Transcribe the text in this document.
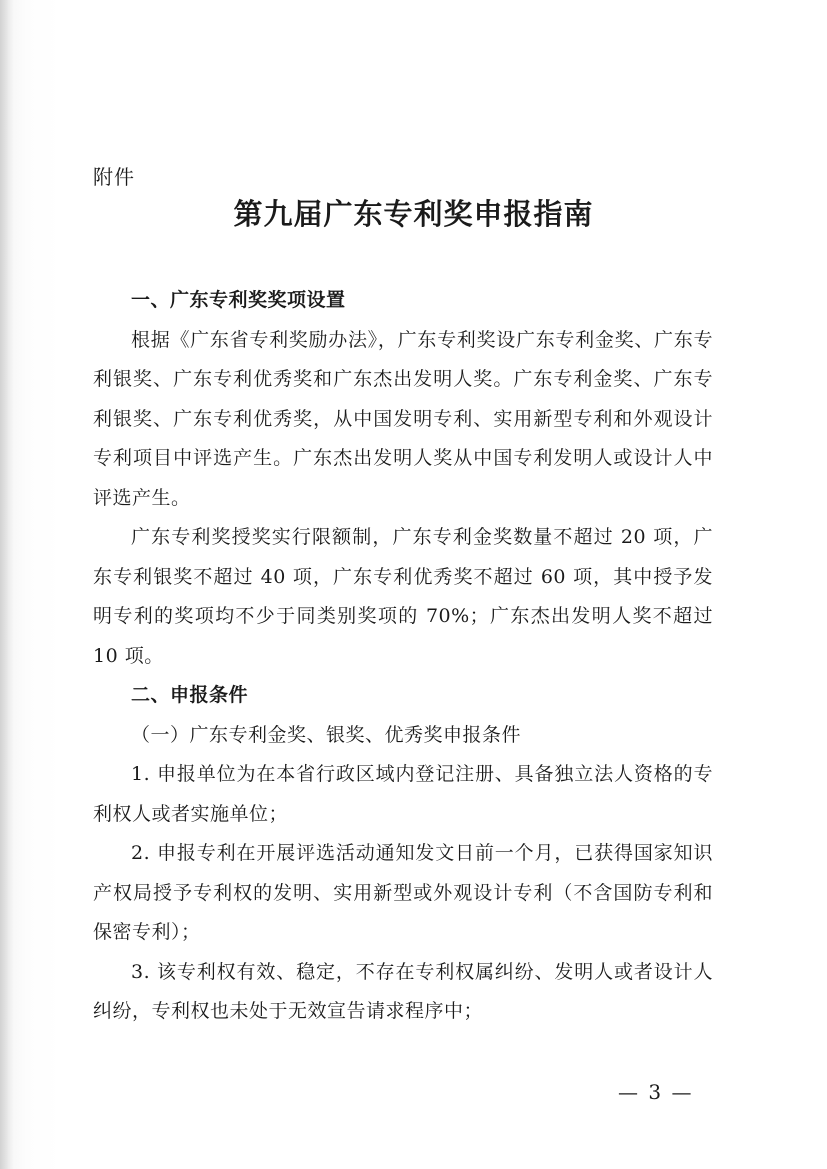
附件
第九届广东专利奖申报指南
一、广东专利奖奖项设置

根据《广东省专利奖励办法》，广东专利奖设广东专利金奖、广东专利银奖、广东专利优秀奖和广东杰出发明人奖。广东专利金奖、广东专利银奖、广东专利优秀奖，从中国发明专利、实用新型专利和外观设计专利项目中评选产生。广东杰出发明人奖从中国专利发明人或设计人中评选产生。

广东专利奖授奖实行限额制，广东专利金奖数量不超过 20 项，广东专利银奖不超过 40 项，广东专利优秀奖不超过 60 项，其中授予发明专利的奖项均不少于同类别奖项的 70%；广东杰出发明人奖不超过 10 项。

二、申报条件

（一）广东专利金奖、银奖、优秀奖申报条件

1. 申报单位为在本省行政区域内登记注册、具备独立法人资格的专利权人或者实施单位；

2. 申报专利在开展评选活动通知发文日前一个月，已获得国家知识产权局授予专利权的发明、实用新型或外观设计专利（不含国防专利和保密专利）；

3. 该专利权有效、稳定，不存在专利权属纠纷、发明人或者设计人纠纷，专利权也未处于无效宣告请求程序中；

— 3 —
